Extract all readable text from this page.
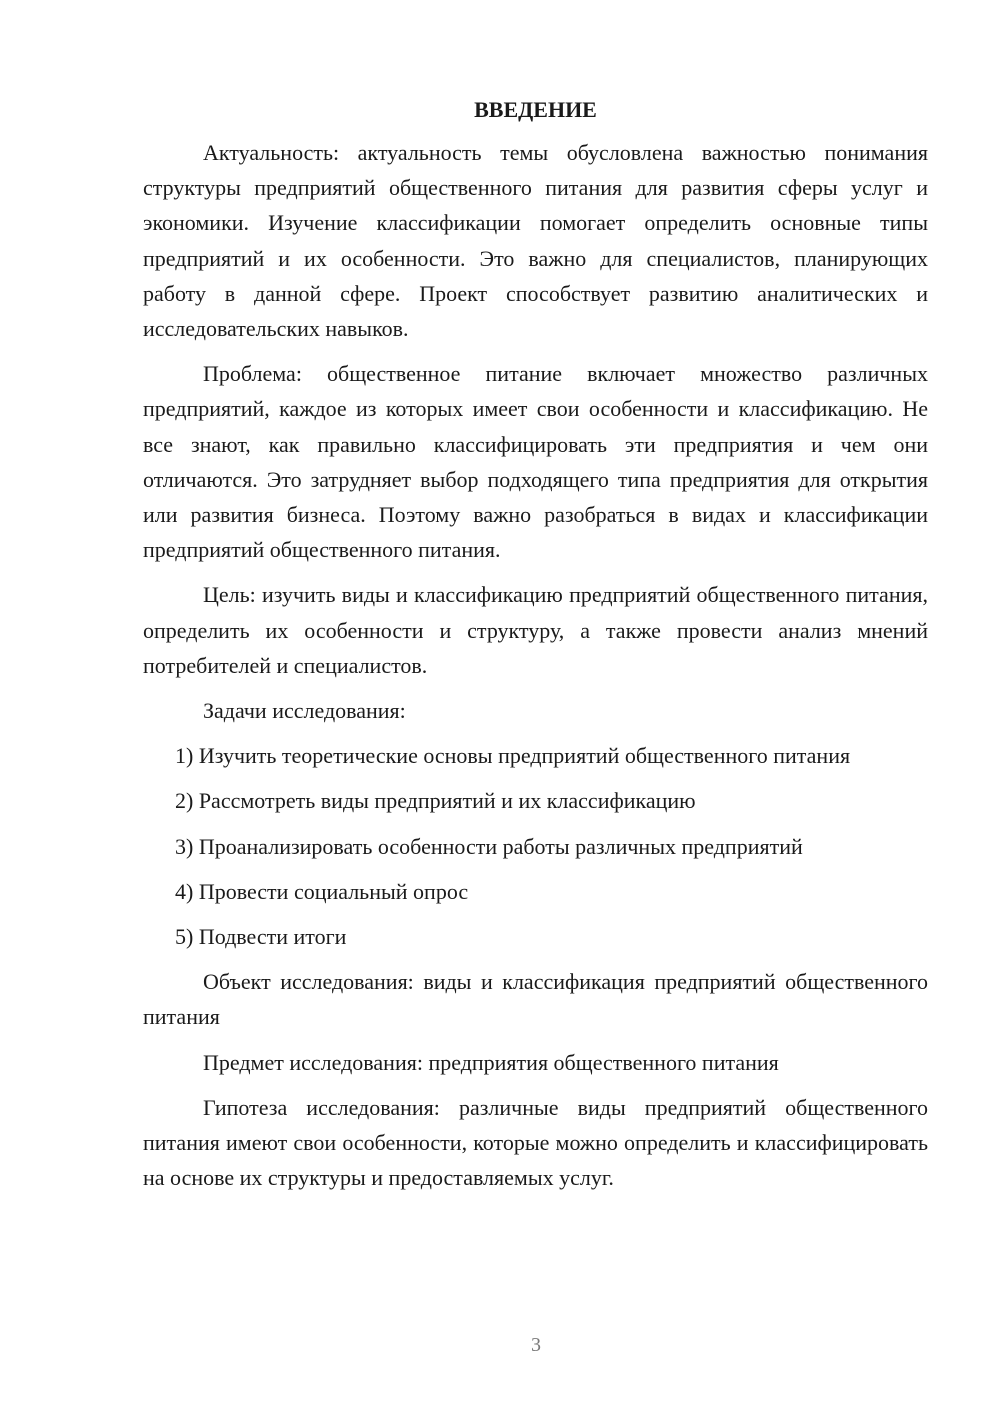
ВВЕДЕНИЕ

Актуальность: актуальность темы обусловлена важностью понимания структуры предприятий общественного питания для развития сферы услуг и экономики. Изучение классификации помогает определить основные типы предприятий и их особенности. Это важно для специалистов, планирующих работу в данной сфере. Проект способствует развитию аналитических и исследовательских навыков.

Проблема: общественное питание включает множество различных предприятий, каждое из которых имеет свои особенности и классификацию. Не все знают, как правильно классифицировать эти предприятия и чем они отличаются. Это затрудняет выбор подходящего типа предприятия для открытия или развития бизнеса. Поэтому важно разобраться в видах и классификации предприятий общественного питания.

Цель: изучить виды и классификацию предприятий общественного питания, определить их особенности и структуру, а также провести анализ мнений потребителей и специалистов.

Задачи исследования:

1) Изучить теоретические основы предприятий общественного питания

2) Рассмотреть виды предприятий и их классификацию

3) Проанализировать особенности работы различных предприятий

4) Провести социальный опрос

5) Подвести итоги

Объект исследования: виды и классификация предприятий общественного питания

Предмет исследования: предприятия общественного питания

Гипотеза исследования: различные виды предприятий общественного питания имеют свои особенности, которые можно определить и классифицировать на основе их структуры и предоставляемых услуг.

3
